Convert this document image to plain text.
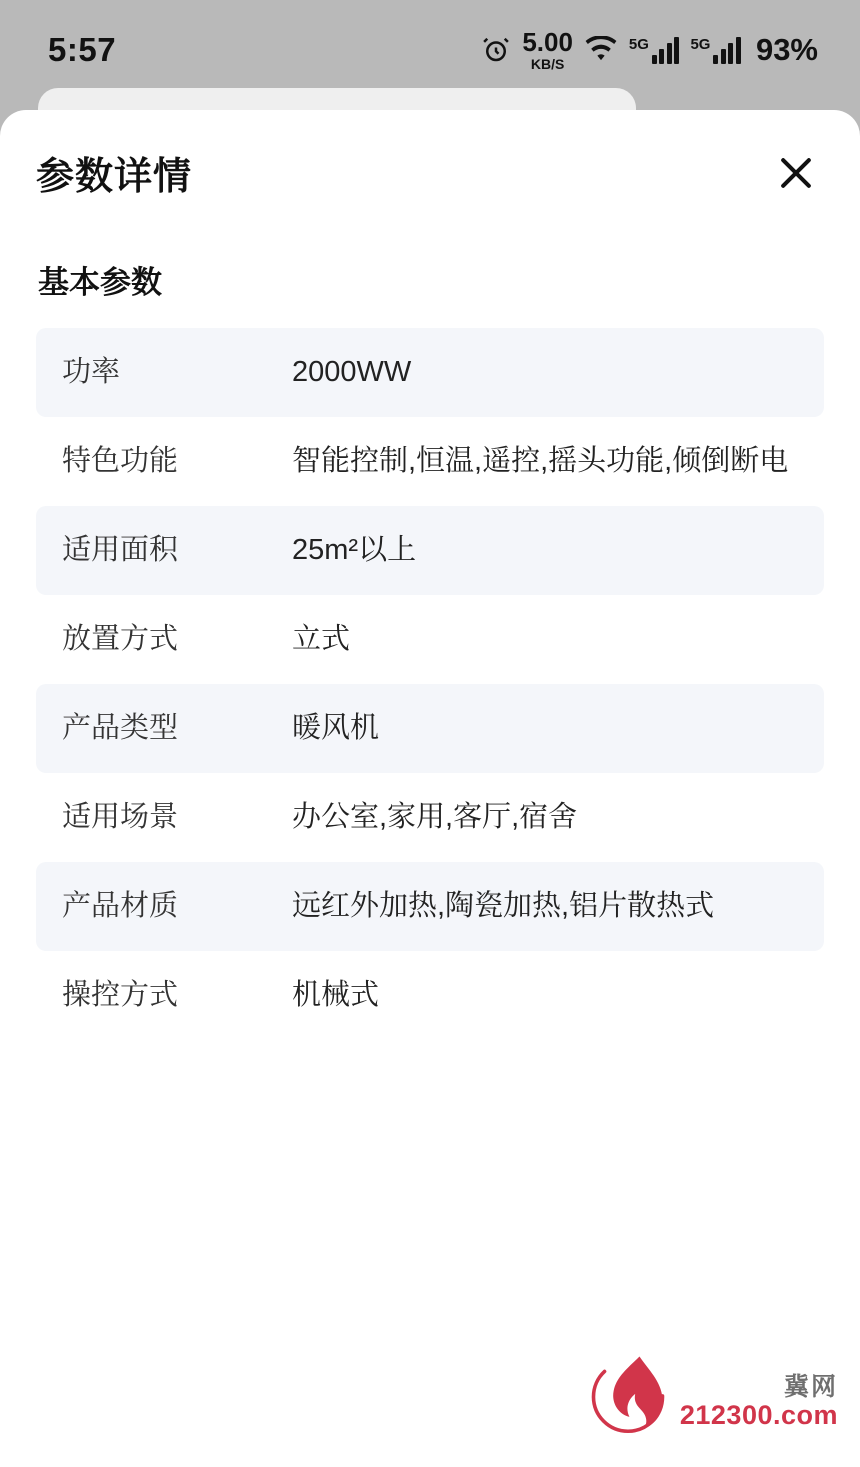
5:57	5.00
KB/S
5G	5G 93%
参数详情
基本参数
功率	2000WW
特色功能	智能控制,恒温,遥控,摇头功能,倾倒断电
适用面积	25m²以上
放置方式	立式
产品类型	暖风机
适用场景	办公室,家用,客厅,宿舍
产品材质	远红外加热,陶瓷加热,铝片散热式
操控方式	机械式
冀网
212300.com
